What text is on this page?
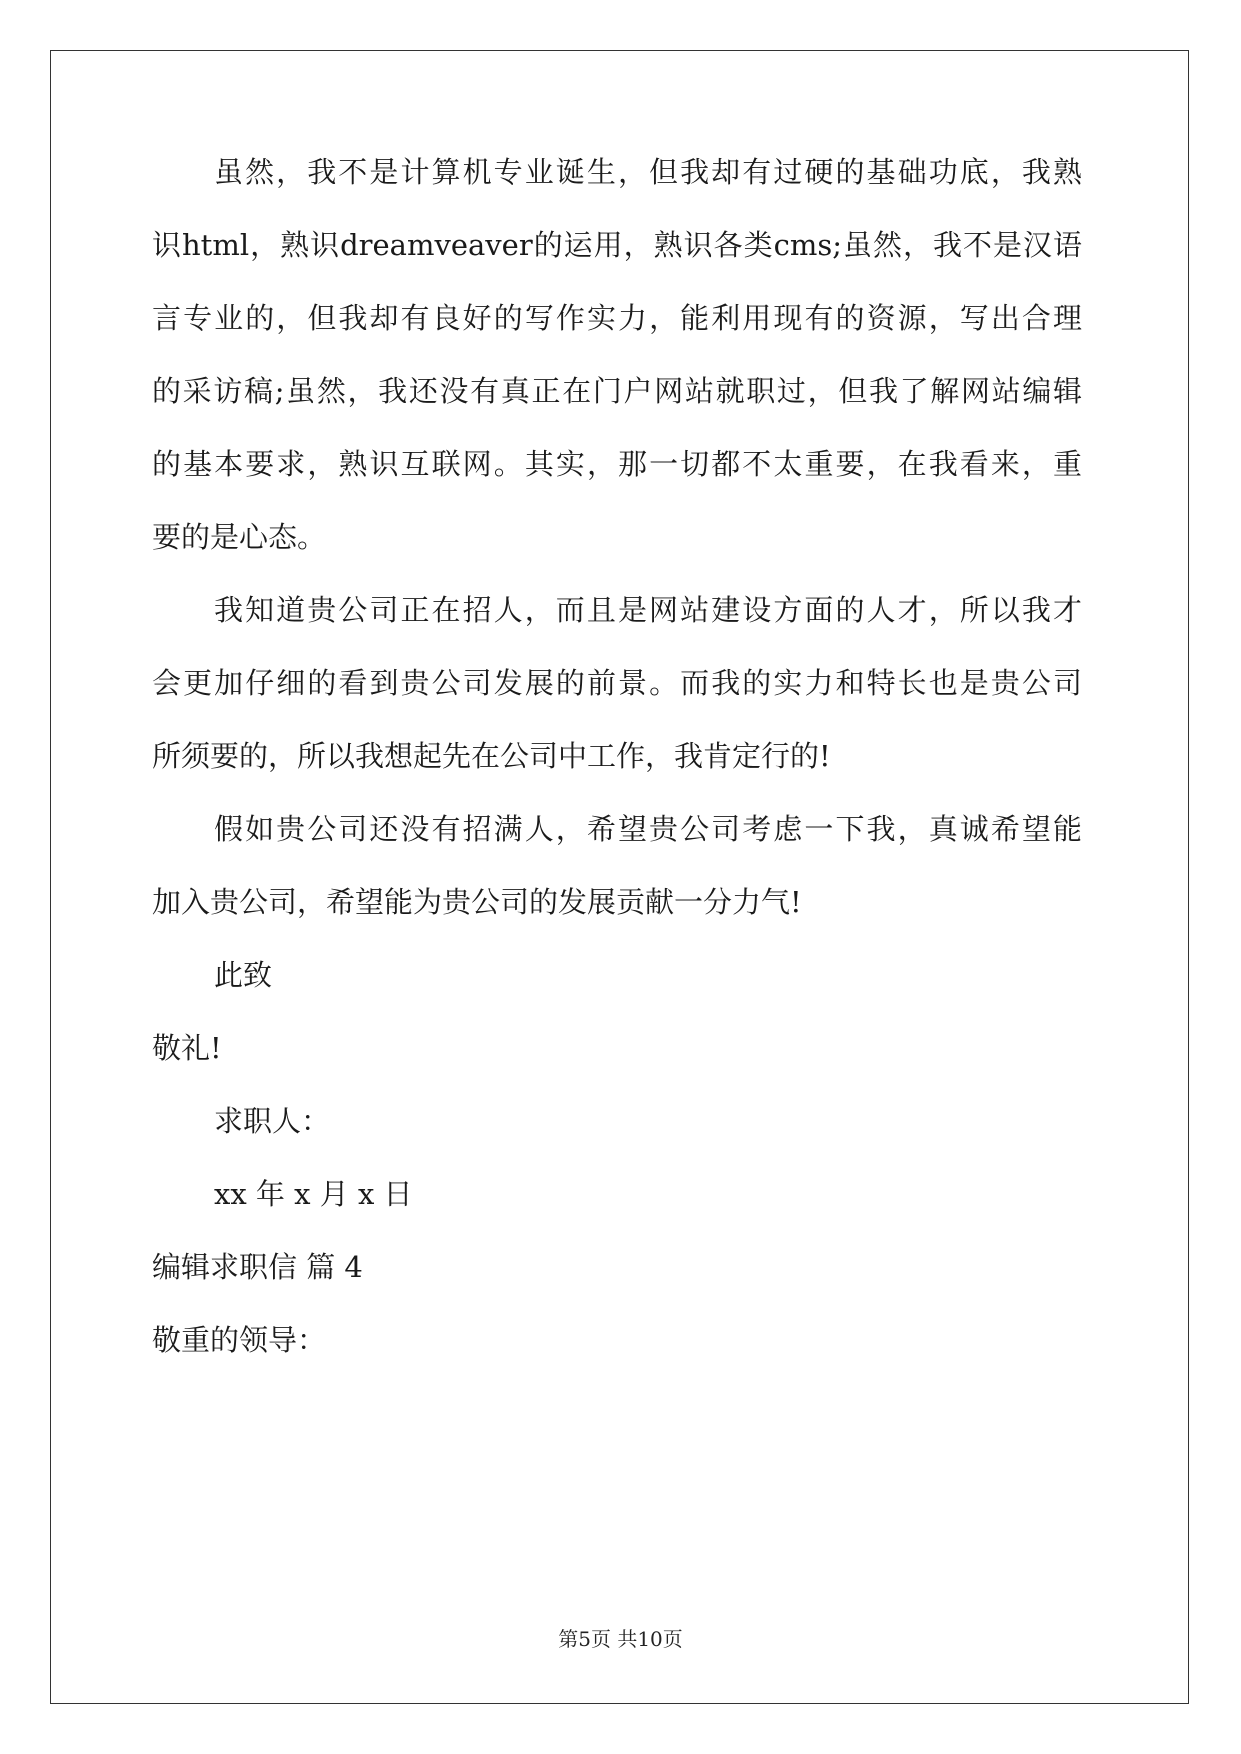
虽然，我不是计算机专业诞生，但我却有过硬的基础功底，我熟
识html，熟识dreamveaver的运用，熟识各类cms;虽然，我不是汉语
言专业的，但我却有良好的写作实力，能利用现有的资源，写出合理
的采访稿;虽然，我还没有真正在门户网站就职过，但我了解网站编辑
的基本要求，熟识互联网。其实，那一切都不太重要，在我看来，重
要的是心态。
我知道贵公司正在招人，而且是网站建设方面的人才，所以我才
会更加仔细的看到贵公司发展的前景。而我的实力和特长也是贵公司
所须要的，所以我想起先在公司中工作，我肯定行的!
假如贵公司还没有招满人，希望贵公司考虑一下我，真诚希望能
加入贵公司，希望能为贵公司的发展贡献一分力气!
此致
敬礼!
求职人：
xx 年 x 月 x 日
编辑求职信 篇 4
敬重的领导：
第5页 共10页
